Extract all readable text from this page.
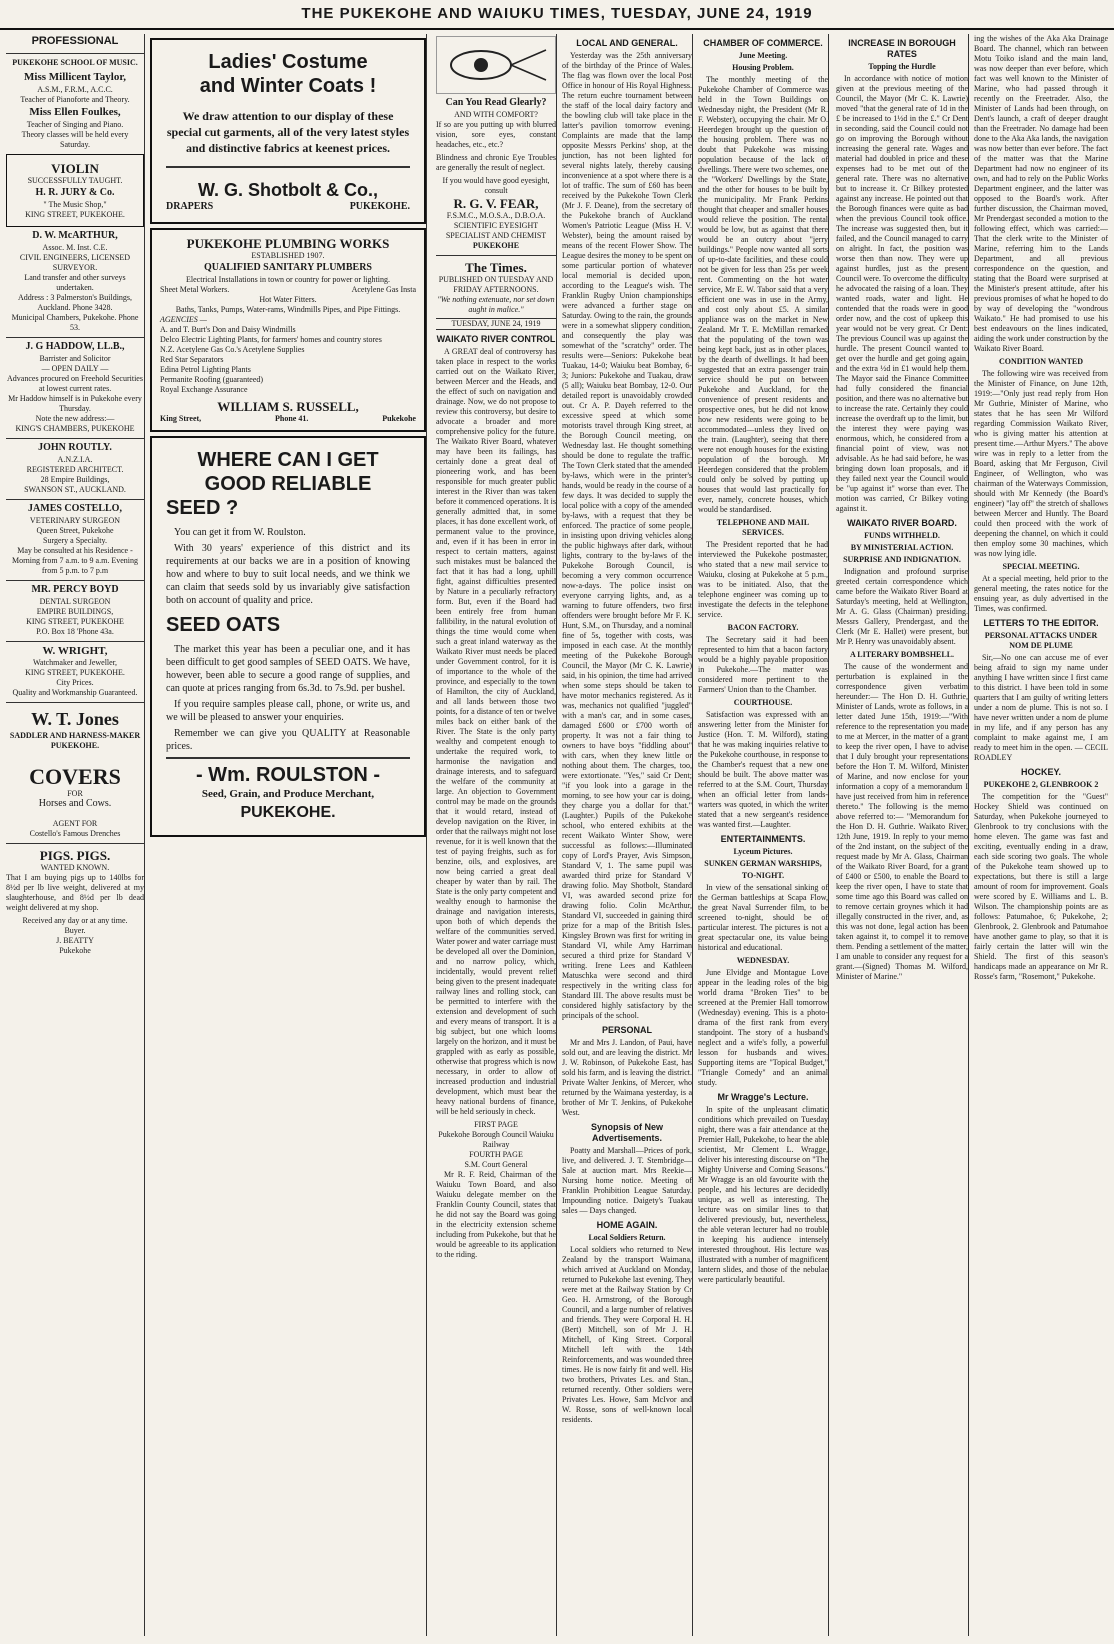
THE PUKEKOHE AND WAIUKU TIMES, TUESDAY, JUNE 24, 1919
PROFESSIONAL
PUKEKOHE SCHOOL OF MUSIC.
Miss Millicent Taylor,
A.S.M., F.R.M., A.C.C.
Teacher of Pianoforte and Theory.
Miss Ellen Foulkes,
Teacher of Singing and Piano.
Theory classes will be held every Saturday.
VIOLIN
SUCCESSFULLY TAUGHT.
H. R. JURY & Co.
" The Music Shop,"
KING STREET, PUKEKOHE.
D. W. McARTHUR,
Assoc. M. Inst. C.E.
CIVIL ENGINEERS, LICENSED SURVEYOR.
Land transfer and other surveys undertaken.
Address : 3 Palmerston's Buildings, Auckland. Phone 3428.
Municipal Chambers, Pukekohe. Phone 53.
J. G HADDOW, LL.B.,
Barrister and Solicitor
— OPEN DAILY —
Advances procured on Freehold Securities at lowest current rates.
Mr Haddow himself is in Pukekohe every Thursday.
Note the new address:—
KING'S CHAMBERS, PUKEKOHE
JOHN ROUTLY.
A.N.Z.I.A.
REGISTERED ARCHITECT.
28 Empire Buildings,
SWANSON ST., AUCKLAND.
JAMES COSTELLO,
VETERINARY SURGEON
Queen Street, Pukekohe
Surgery a Specialty.
May be consulted at his Residence - Morning from 7 a.m. to 9 a.m. Evening from 5 p.m. to 7 p.m
MR. PERCY BOYD
DENTAL SURGEON
EMPIRE BUILDINGS,
KING STREET, PUKEKOHE
P.O. Box 18 'Phone 43a.
W. WRIGHT,
Watchmaker and Jeweller,
KING STREET, PUKEKOHE.
City Prices.
Quality and Workmanship Guaranteed.
W. T. Jones
SADDLER AND HARNESS-MAKER
PUKEKOHE.
COVERS
FOR
Horses and Cows.
AGENT FOR
Costello's Famous Drenches
PIGS. PIGS.
WANTED KNOWN.

That I am buying pigs up to 140lbs for 8½d per lb live weight, delivered at my slaughterhouse, and 8½d per lb dead weight delivered at my shop.

Received any day or at any time.
Buyer.
J. BEATTY
Pukekohe
Ladies' Costume
and Winter Coats !
We draw attention to our display of these special cut garments, all of the very latest styles and distinctive fabrics at keenest prices.
W. G. Shotbolt & Co.,
DRAPERS	PUKEKOHE.
PUKEKOHE PLUMBING WORKS
ESTABLISHED 1907.
QUALIFIED SANITARY PLUMBERS
Electrical Installations in town or country for power or lighting.
Sheet Metal Workers.	Acetylene Gas Insta
Hot Water Fitters.
Baths, Tanks, Pumps, Water-rams, Windmills Pipes, and Pipe Fittings.
AGENCIES —
A. and T. Burt's Don and Daisy Windmills
Delco Electric Lighting Plants, for farmers' homes and country stores
N.Z. Acetylene Gas Co.'s Acetylene Supplies
Red Star Separators
Edina Petrol Lighting Plants
Permanite Roofing (guaranteed)
Royal Exchange Assurance
WILLIAM S. RUSSELL,
King Street,	Phone 41.	Pukekohe
WHERE CAN I GET
GOOD RELIABLE
SEED ?

You can get it from W. Roulston.

With 30 years' experience of this district and its requirements at our backs we are in a position of knowing how and where to buy to suit local needs, and we think we can claim that seeds sold by us invariably give satisfaction both on account of quality and price.

SEED OATS

The market this year has been a peculiar one, and it has been difficult to get good samples of SEED OATS. We have, however, been able to secure a good range of supplies, and can quote at prices ranging from 6s.3d. to 7s.9d. per bushel.

If you require samples please call, phone, or write us, and we will be pleased to answer your enquiries.

Remember we can give you QUALITY at Reasonable prices.

- Wm. ROULSTON -
Seed, Grain, and Produce Merchant,
PUKEKOHE.
Can You Read Glearly?
AND WITH COMFORT?

If so are you putting up with blurred vision, sore eyes, constant headaches, etc., etc.?

Blindness and chronic Eye Troubles are generally the result of neglect.

If you would have good eyesight, consult
R. G. V. FEAR,
F.S.M.C., M.O.S.A., D.B.O.A.
SCIENTIFIC EYESIGHT SPECIALIST AND CHEMIST
PUKEKOHE
The Times.
PUBLISHED ON TUESDAY AND FRIDAY AFTERNOONS.
"We nothing extenuate, nor set down aught in malice."
TUESDAY, JUNE 24, 1919
WAIKATO RIVER CONTROL

A GREAT deal of controversy has taken place in respect to the works carried out on the Waikato River, between Mercer and the Heads, and the effect of such on navigation and drainage. Now, we do not propose to review this controversy, but desire to advocate a broader and more comprehensive policy for the future. The Waikato River Board, whatever may have been its failings, has certainly done a great deal of pioneering work, and has been responsible for much greater public interest in the River than was taken before it commenced operations. It is generally admitted that, in some places, it has done excellent work, of permanent value to the province, and, even if it has been in error in respect to certain matters, against such mistakes must be balanced the fact that it has had a long, uphill fight, against difficulties presented by Nature in a peculiarly refractory form. But, even if the Board had been entirely free from human fallibility, in the natural evolution of things the time would come when such a great inland waterway as the Waikato River must needs be placed under Government control, for it is of importance to the whole of the province, and especially to the town of Hamilton, the city of Auckland, and all lands between those two points, for a distance of ten or twelve miles back on either bank of the River. The State is the only party wealthy and competent enough to undertake the required work, to harmonise the navigation and drainage interests, and to safeguard the welfare of the community at large. An objection to Government control may be made on the grounds that it would retard, instead of develop navigation on the River, in order that the railways might not lose revenue, for it is well known that the test of paying freights, such as for benzine, oils, and explosives, are now being carried a great deal cheaper by water than by rail. The State is the only party competent and wealthy enough to harmonise the drainage and navigation interests, upon both of which depends the welfare of the communities served. Water power and water carriage must be developed all over the Dominion, and no narrow policy, which, incidentally, would prevent relief being given to the present inadequate railway lines and rolling stock, can be permitted to interfere with the extension and development of such and every means of transport. It is a big subject, but one which looms largely on the horizon, and it must be grappled with as early as possible, otherwise that progress which is now necessary, in order to allow of increased production and industrial development, which must bear the heavy national burdens of finance, will be held seriously in check.

FIRST PAGE
Pukekohe Borough Council Waiuku Railway
FOURTH PAGE
S.M. Court General

Mr R. F. Reid, Chairman of the Waiuku Town Board, and also Waiuku delegate member on the Franklin County Council, states that he did not say the Board was going in the electricity extension scheme including from Pukekohe, but that he would be agreeable to its application to the riding.

LOCAL AND GENERAL.

Yesterday was the 25th anniversary of the birthday of the Prince of Wales. The flag was flown over the local Post Office in honour of His Royal Highness. The return euchre tournament between the staff of the local dairy factory and the bowling club will take place in the latter's pavilion tomorrow evening. Complaints are made that the lamp opposite Messrs Perkins' shop, at the junction, has not been lighted for several nights lately, thereby causing inconvenience at a spot where there is a lot of traffic. The sum of £60 has been received by the Pukekohe Town Clerk (Mr J. F. Deane), from the secretary of the Pukekohe branch of Auckland Women's Patriotic League (Miss H. V. Webster), being the amount raised by means of the recent Flower Show. The League desires the money to be spent on some particular portion of whatever local memorial is decided upon, according to the League's wish. The Franklin Rugby Union championships were advanced a further stage on Saturday. Owing to the rain, the grounds were in a somewhat slippery condition, and consequently the play was somewhat of the "scratchy" order. The results were—Seniors: Pukekohe beat Tuakau, 14-0; Waiuku beat Bombay, 6-3; Juniors: Pukekohe and Tuakau, draw (5 all); Waiuku beat Bombay, 12-0. Our detailed report is unavoidably crowded out. Cr A. P. Dayeh referred to the excessive speed at which some motorists travel through King street, at the Borough Council meeting, on Wednesday last. He thought something should be done to regulate the traffic. The Town Clerk stated that the amended by-laws, which were in the printer's hands, would be ready in the course of a few days. It was decided to supply the local police with a copy of the amended by-laws, with a request that they be enforced. The practice of some people, in insisting upon driving vehicles along the public highways after dark, without lights, contrary to the by-laws of the Pukekohe Borough Council, is becoming a very common occurrence now-a-days. The police insist on everyone carrying lights, and, as a warning to future offenders, two first offenders were brought before Mr F. K. Hunt, S.M., on Thursday, and a nominal fine of 5s, together with costs, was imposed in each case. At the monthly meeting of the Pukekohe Borough Council, the Mayor (Mr C. K. Lawrie) said, in his opinion, the time had arrived when some steps should be taken to have motor mechanics registered. As it was, mechanics not qualified "juggled" with a man's car, and in some cases, damaged £600 or £700 worth of property. It was not a fair thing to owners to have boys "fiddling about" with cars, when they knew little or nothing about them. The charges, too, were extortionate. "Yes," said Cr Dent; "if you look into a garage in the morning, to see how your car is doing, they charge you a dollar for that." (Laughter.) Pupils of the Pukekohe school, who entered exhibits at the recent Waikato Winter Show, were successful as follows:—Illuminated copy of Lord's Prayer, Avis Simpson, Standard V, 1. The same pupil was awarded third prize for Standard V drawing folio. May Shotbolt, Standard VI, was awarded second prize for drawing folio. Colin McArthur, Standard VI, succeeded in gaining third prize for a map of the British Isles. Kingsley Brown was first for writing in Standard VI, while Amy Harriman secured a third prize for Standard V writing. Irene Lees and Kathleen Matuschka were second and third respectively in the writing class for Standard III. The above results must be considered highly satisfactory by the principals of the school.

PERSONAL

Mr and Mrs J. Landon, of Paui, have sold out, and are leaving the district. Mr J. W. Robinson, of Pukekohe East, has sold his farm, and is leaving the district. Private Walter Jenkins, of Mercer, who returned by the Waimana yesterday, is a brother of Mr T. Jenkins, of Pukekohe West.

Synopsis of New Advertisements.

Poatty and Marshall—Prices of pork, live, and delivered. J. T. Stembridge—Sale at auction mart. Mrs Reekie—Nursing home notice. Meeting of Franklin Prohibition League Saturday. Impounding notice. Daigety's Tuakau sales — Days changed.

HOME AGAIN.
Local Soldiers Return.

Local soldiers who returned to New Zealand by the transport Waimana, which arrived at Auckland on Monday, returned to Pukekohe last evening. They were met at the Railway Station by Cr Geo. H. Armstrong, of the Borough Council, and a large number of relatives and friends. They were Corporal H. H. (Bert) Mitchell, son of Mr J. H. Mitchell, of King Street. Corporal Mitchell left with the 14th Reinforcements, and was wounded three times. He is now fairly fit and well. His two brothers, Privates Les. and Stan., returned recently. Other soldiers were Privates Les. Howe, Sam McIvor and W. Rosse, sons of well-known local residents.

CHAMBER OF COMMERCE.
June Meeting.
Housing Problem.

The monthly meeting of the Pukekohe Chamber of Commerce was held in the Town Buildings on Wednesday night, the President (Mr R. F. Webster), occupying the chair. Mr O. Heerdegen brought up the question of the housing problem. There was no doubt that Pukekohe was missing population because of the lack of dwellings. There were two schemes, one the "Workers' Dwellings by the State, and the other for houses to be built by the municipality. Mr Frank Perkins thought that cheaper and smaller houses would relieve the position. The rental would be low, but as against that there would be an outcry about "jerry buildings." People now wanted all sorts of up-to-date facilities, and these could not be given for less than 25s per week rent. Commenting on the hot water service, Mr E. W. Tabor said that a very efficient one was in use in the Army, and cost only about £5. A similar appliance was on the market in New Zealand. Mr T. E. McMillan remarked that the populating of the town was being kept back, just as in other places, by the dearth of dwellings. It had been suggested that an extra passenger train service should be put on between Pukekohe and Auckland, for the convenience of present residents and prospective ones, but he did not know how new residents were going to be accommodated—unless they lived on the train. (Laughter), seeing that there were not enough houses for the existing population of the borough. Mr Heerdegen considered that the problem could only be solved by putting up houses that would last practically for ever, namely, concrete houses, which would be standardised.

TELEPHONE AND MAIL SERVICES.

The President reported that he had interviewed the Pukekohe postmaster, who stated that a new mail service to Waiuku, closing at Pukekohe at 5 p.m., was to be initiated. Also, that the telephone engineer was coming up to investigate the defects in the telephone service.

BACON FACTORY.

The Secretary said it had been represented to him that a bacon factory would be a highly payable proposition in Pukekohe.—The matter was considered more pertinent to the Farmers' Union than to the Chamber.

COURTHOUSE.

Satisfaction was expressed with an answering letter from the Minister for Justice (Hon. T. M. Wilford), stating that he was making inquiries relative to the Pukekohe courthouse, in response to the Chamber's request that a new one should be built. The above matter was referred to at the S.M. Court, Thursday when an official letter from lands-warters was quoted, in which the writer stated that a new sergeant's residence was wanted first.—Laughter.

ENTERTAINMENTS.
Lyceum Pictures.
SUNKEN GERMAN WARSHIPS,
TO-NIGHT.

In view of the sensational sinking of the German battleships at Scapa Flow, the great Naval Surrender film, to be screened to-night, should be of particular interest. The pictures is not a great spectacular one, its value being historical and educational.

WEDNESDAY.

June Elvidge and Montague Love appear in the leading roles of the big world drama "Broken Ties" to be screened at the Premier Hall tomorrow (Wednesday) evening. This is a photo-drama of the first rank from every standpoint. The story of a husband's neglect and a wife's folly, a powerful lesson for husbands and wives. Supporting items are "Topical Budget," "Triangle Comedy" and an animal study.

Mr Wragge's Lecture.

In spite of the unpleasant climatic conditions which prevailed on Tuesday night, there was a fair attendance at the Premier Hall, Pukekohe, to hear the able scientist, Mr Clement L. Wragge, deliver his interesting discourse on "The Mighty Universe and Coming Seasons." Mr Wragge is an old favourite with the people, and his lectures are decidedly unique, as well as interesting. The lecture was on similar lines to that delivered previously, but, nevertheless, the able veteran lecturer had no trouble in keeping his audience intensely interested throughout. His lecture was illustrated with a number of magnificent lantern slides, and those of the nebulae were particularly beautiful.

INCREASE IN BOROUGH RATES
Topping the Hurdle

In accordance with notice of motion given at the previous meeting of the Council, the Mayor (Mr C. K. Lawrie) moved "that the general rate of 1d in the £ be increased to 1½d in the £." Cr Dent in seconding, said the Council could not go on improving the Borough without increasing the general rate. Wages and material had doubled in price and these expenses had to be met out of the general rate. There was no alternative but to increase it. Cr Bilkey protested against any increase. He pointed out that the Borough finances were quite as bad when the previous Council took office. The increase was suggested then, but it failed, and the Council managed to carry on alright. In fact, the position was worse then than now. They were up against hurdles, just as the present Council were. To overcome the difficulty he advocated the raising of a loan. They wanted roads, water and light. He contended that the roads were in good order now, and the cost of upkeep this year would not be very great. Cr Dent: The previous Council was up against the hurdle. The present Council wanted to get over the hurdle and get going again, and the extra ½d in £1 would help them. The Mayor said the Finance Committee had fully considered the financial position, and there was no alternative but to increase the rate. Certainly they could increase the overdraft up to the limit, but the interest they were paying was enormous, which, he considered from a financial point of view, was not advisable. As he had said before, he was bringing down loan proposals, and if they failed next year the Council would be "up against it" worse than ever. The motion was carried, Cr Bilkey voting against it.

WAIKATO RIVER BOARD.
FUNDS WITHHELD.
BY MINISTERIAL ACTION.
SURPRISE AND INDIGNATION.

Indignation and profound surprise greeted certain correspondence which came before the Waikato River Board at Saturday's meeting, held at Wellington, Mr A. G. Glass (Chairman) presiding. Messrs Gallery, Prendergast, and the Clerk (Mr E. Hallet) were present, but Mr P. Henry was unavoidably absent.

A LITERARY BOMBSHELL.

The cause of the wonderment and perturbation is explained in the correspondence given verbatim hereunder:— The Hon D. H. Guthrie, Minister of Lands, wrote as follows, in a letter dated June 15th, 1919:—"With reference to the representation you made to me at Mercer, in the matter of a grant to keep the river open, I have to advise that I duly brought your representations before the Hon T. M. Wilford, Minister of Marine, and now enclose for your information a copy of a memorandum I have just received from him in reference thereto." The following is the memo above referred to:— "Memorandum for the Hon D. H. Guthrie. Waikato River, 12th June, 1919. In reply to your memo of the 2nd instant, on the subject of the request made by Mr A. Glass, Chairman of the Waikato River Board, for a grant of £400 or £500, to enable the Board to keep the river open, I have to state that some time ago this Board was called on to remove certain groynes which it had illegally constructed in the river, and, as this was not done, legal action has been taken against it, to compel it to remove them. Pending a settlement of the matter, I am unable to consider any request for a grant.—(Signed) Thomas M. Wilford, Minister of Marine."

ing the wishes of the Aka Aka Drainage Board. The channel, which ran between Motu Toiko island and the main land, was now deeper than ever before, which fact was well known to the Minister of Marine, who had passed through it recently on the Freetrader. Also, the Minister of Lands had been through, on Dent's launch, a craft of deeper draught than the Freetrader. No damage had been done to the Aka Aka lands, the navigation was now better than ever before. The fact of the matter was that the Marine Department had now no engineer of its own, and had to rely on the Public Works Department engineer, and the latter was opposed to the Board's work. After further discussion, the Chairman moved, Mr Prendergast seconded a motion to the following effect, which was carried:— That the clerk write to the Minister of Marine, referring him to the Lands Department, and all previous correspondence on the question, and stating that the Board were surprised at the Minister's present attitude, after his previous promises of what he hoped to do by way of developing the "wondrous Waikato." He had promised to use his best endeavours on the lines indicated, aiding the work under construction by the Waikato River Board.

CONDITION WANTED

The following wire was received from the Minister of Finance, on June 12th, 1919:—"Only just read reply from Hon Mr Guthrie, Minister of Marine, who states that he has seen Mr Wilford regarding Commission Waikato River, who is giving matter his attention at present time.—Arthur Myers." The above wire was in reply to a letter from the Board, asking that Mr Ferguson, Civil Engineer, of Wellington, who was chairman of the Waterways Commission, should with Mr Kennedy (the Board's engineer) "lay off" the stretch of shallows between Mercer and Huntly. The Board could then proceed with the work of deepening the channel, on which it could then employ some 30 machines, which was now lying idle.

SPECIAL MEETING.

At a special meeting, held prior to the general meeting, the rates notice for the ensuing year, as duly advertised in the Times, was confirmed.

LETTERS TO THE EDITOR.
PERSONAL ATTACKS UNDER NOM DE PLUME

Sir,—No one can accuse me of ever being afraid to sign my name under anything I have written since I first came to this district. I have been told in some quarters that I am guilty of writing letters under a nom de plume. This is not so. I have never written under a nom de plume in my life, and if any person has any complaint to make against me, I am ready to meet him in the open. — CECIL ROADLEY

HOCKEY.
PUKEKOHE 2, GLENBROOK 2

The competition for the "Guest" Hockey Shield was continued on Saturday, when Pukekohe journeyed to Glenbrook to try conclusions with the home eleven. The game was fast and exciting, eventually ending in a draw, each side scoring two goals. The whole of the Pukekohe team showed up to expectations, but there is still a large amount of room for improvement. Goals were scored by E. Williams and L. B. Wilson. The championship points are as follows: Patumahoe, 6; Pukekohe, 2; Glenbrook, 2. Glenbrook and Patumahoe have another game to play, so that it is fairly certain the latter will win the Shield. The first of this season's handicaps made an appearance on Mr R. Rosse's farm, "Rosemont," Pukekohe.
